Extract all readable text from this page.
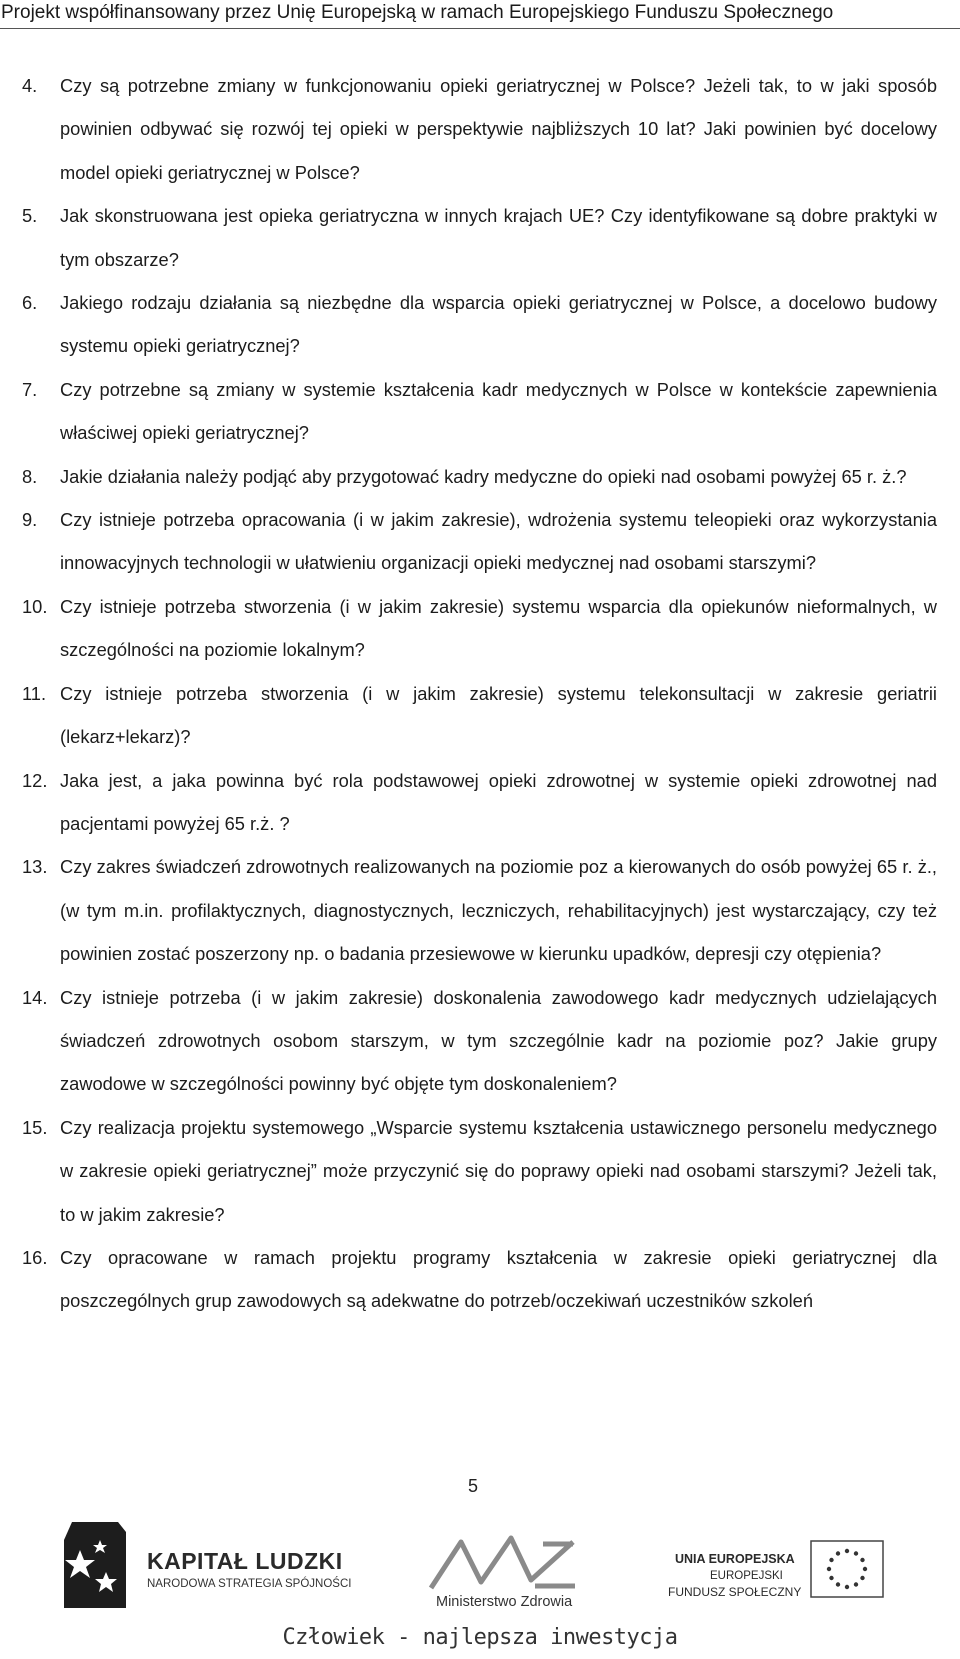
Projekt współfinansowany przez Unię Europejską w ramach Europejskiego Funduszu Społecznego
4.	Czy są potrzebne zmiany w funkcjonowaniu opieki geriatrycznej w Polsce? Jeżeli tak, to w jaki sposób powinien odbywać się rozwój tej opieki w perspektywie najbliższych 10 lat? Jaki powinien być docelowy model opieki geriatrycznej w Polsce?
5.	Jak skonstruowana jest opieka geriatryczna w innych krajach UE? Czy identyfikowane są dobre praktyki w tym obszarze?
6.	Jakiego rodzaju działania są niezbędne dla wsparcia opieki geriatrycznej w Polsce, a docelowo budowy systemu opieki geriatrycznej?
7.	Czy potrzebne są zmiany w systemie kształcenia kadr medycznych w Polsce w kontekście zapewnienia właściwej opieki geriatrycznej?
8.	Jakie działania należy podjąć aby przygotować kadry medyczne do opieki nad osobami powyżej 65 r. ż.?
9.	Czy istnieje potrzeba opracowania (i w jakim zakresie), wdrożenia systemu teleopieki oraz wykorzystania innowacyjnych technologii w ułatwieniu organizacji opieki medycznej nad osobami starszymi?
10. Czy istnieje potrzeba stworzenia (i w jakim zakresie) systemu wsparcia dla opiekunów nieformalnych, w szczególności na poziomie lokalnym?
11. Czy istnieje potrzeba stworzenia (i w jakim zakresie) systemu telekonsultacji w zakresie geriatrii (lekarz+lekarz)?
12. Jaka jest, a jaka powinna być rola podstawowej opieki zdrowotnej w systemie opieki zdrowotnej nad pacjentami powyżej 65 r.ż. ?
13. Czy zakres świadczeń zdrowotnych realizowanych na poziomie poz a kierowanych do osób powyżej 65 r. ż., (w tym m.in. profilaktycznych, diagnostycznych, leczniczych, rehabilitacyjnych) jest wystarczający, czy też powinien zostać poszerzony np. o badania przesiewowe w kierunku upadków, depresji czy otępienia?
14. Czy istnieje potrzeba (i w jakim zakresie) doskonalenia zawodowego kadr medycznych udzielających świadczeń zdrowotnych osobom starszym, w tym szczególnie kadr na poziomie poz? Jakie grupy zawodowe w szczególności powinny być objęte tym doskonaleniem?
15. Czy realizacja projektu systemowego „Wsparcie systemu kształcenia ustawicznego personelu medycznego w zakresie opieki geriatrycznej” może przyczynić się do poprawy opieki nad osobami starszymi? Jeżeli tak, to w jakim zakresie?
16. Czy opracowane w ramach projektu programy kształcenia w zakresie opieki geriatrycznej dla poszczególnych grup zawodowych są adekwatne do potrzeb/oczekiwań uczestników szkoleń
5
KAPITAŁ LUDZKI
NARODOWA STRATEGIA SPÓJNOŚCI
Ministerstwo Zdrowia
UNIA EUROPEJSKA
EUROPEJSKI
FUNDUSZ SPOŁECZNY
Człowiek - najlepsza inwestycja
